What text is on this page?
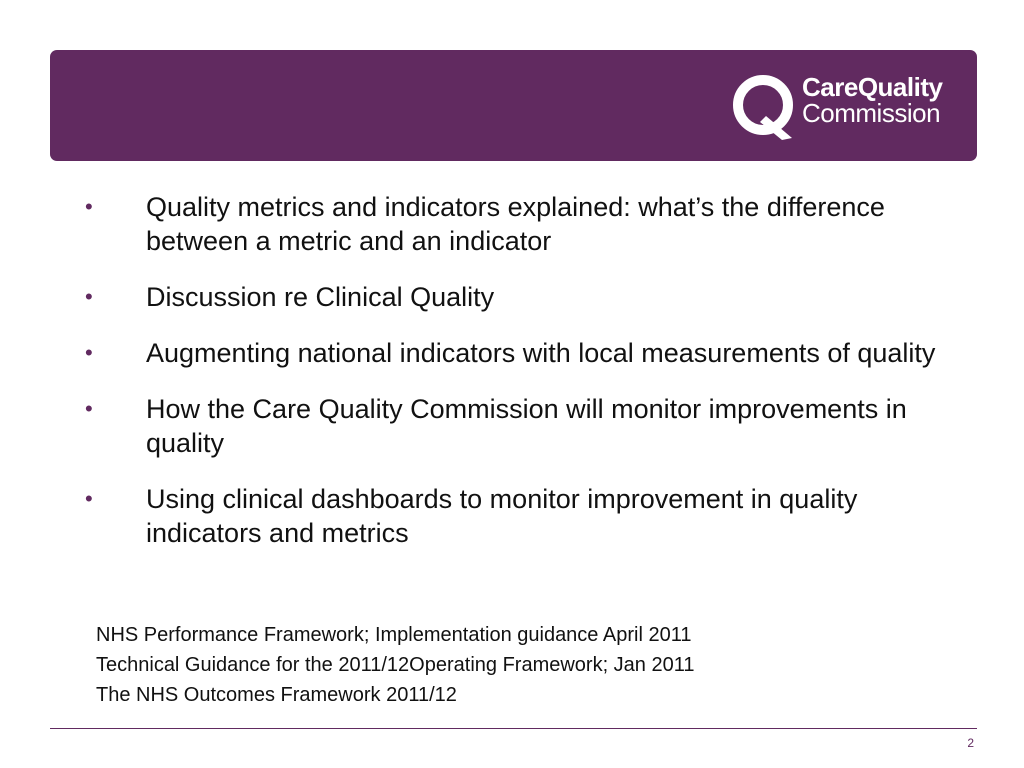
CareQuality
Commission
• Quality metrics and indicators explained: what’s the difference between a metric and an indicator
• Discussion re Clinical Quality
• Augmenting national indicators with local measurements of quality
• How the Care Quality Commission will monitor improvements in quality
• Using clinical dashboards to monitor improvement in quality indicators and metrics
NHS Performance Framework; Implementation guidance April 2011
Technical Guidance for the 2011/12Operating Framework; Jan 2011
The NHS Outcomes Framework 2011/12
2
